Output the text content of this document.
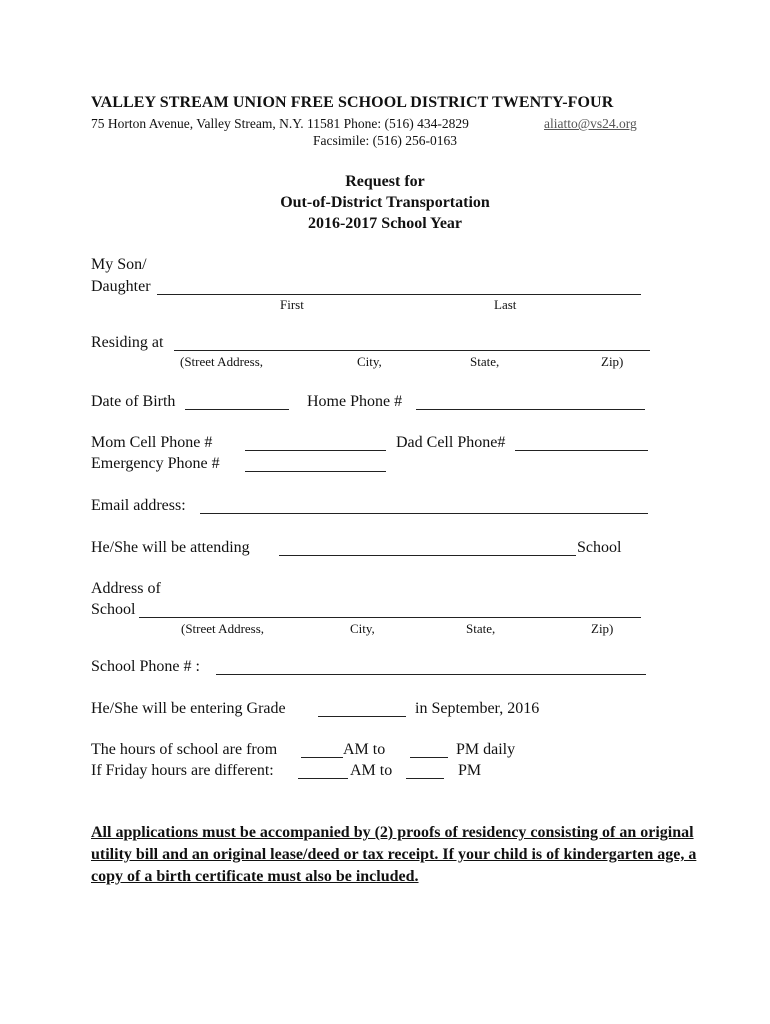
VALLEY STREAM UNION FREE SCHOOL DISTRICT TWENTY-FOUR
75 Horton Avenue, Valley Stream, N.Y. 11581 Phone: (516) 434-2829	aliatto@vs24.org
Facsimile: (516) 256-0163
Request for
Out-of-District Transportation
2016-2017 School Year
My Son/
Daughter
First	Last
Residing at
(Street Address,	City,	State,	Zip)
Date of Birth	Home Phone #
Mom Cell Phone #	Dad Cell Phone#
Emergency Phone #
Email address:
He/She will be attending	School
Address of
School
(Street Address,	City,	State,	Zip)
School Phone # :
He/She will be entering Grade	in September, 2016
The hours of school are from	AM to	PM daily
If Friday hours are different:	AM to	PM
All applications must be accompanied by (2) proofs of residency consisting of an original utility bill and an original lease/deed or tax receipt. If your child is of kindergarten age, a copy of a birth certificate must also be included.
